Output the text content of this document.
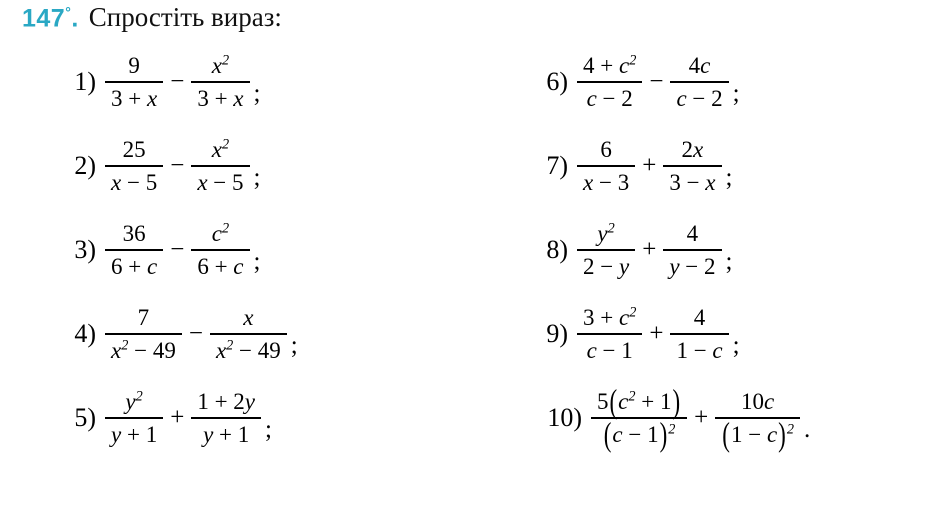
147°. Спростіть вираз:
$1) \frac{9}{3 + x} - \frac{x^2}{3 + x}$ ;
$2) \frac{25}{x - 5} - \frac{x^2}{x - 5}$ ;
$3) \frac{36}{6 + c} - \frac{c^2}{6 + c}$ ;
$4) \frac{7}{x^2 - 49} - \frac{x}{x^2 - 49}$ ;
$5) \frac{y^2}{y + 1} + \frac{1 + 2y}{y + 1}$ ;
$6) \frac{4 + c^2}{c - 2} - \frac{4c}{c - 2}$ ;
$7) \frac{6}{x - 3} + \frac{2x}{3 - x}$ ;
$8) \frac{y^2}{2 - y} + \frac{4}{y - 2}$ ;
$9) \frac{3 + c^2}{c - 1} + \frac{4}{1 - c}$ ;
$10) \frac{5(c^2 + 1)}{(c - 1)^2} + \frac{10c}{(1 - c)^2}$ .
